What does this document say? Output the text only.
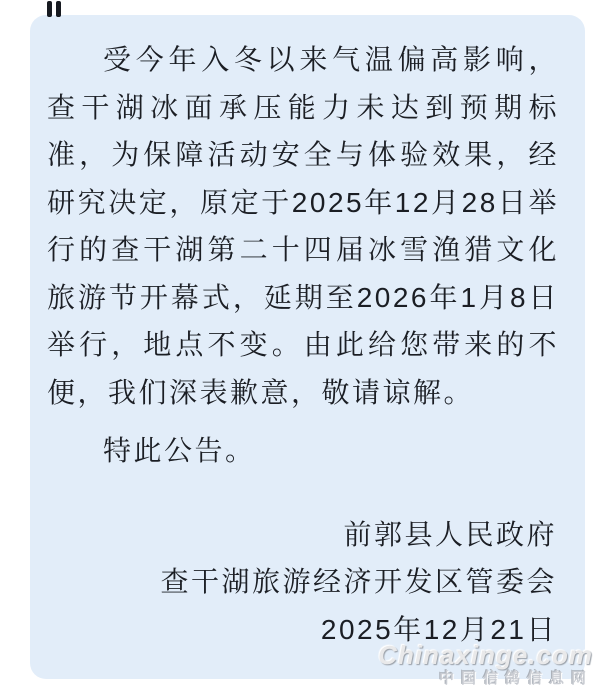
受今年入冬以来气温偏高影响，查干湖冰面承压能力未达到预期标准，为保障活动安全与体验效果，经研究决定，原定于2025年12月28日举行的查干湖第二十四届冰雪渔猎文化旅游节开幕式，延期至2026年1月8日举行，地点不变。由此给您带来的不便，我们深表歉意，敬请谅解。

特此公告。

前郭县人民政府
查干湖旅游经济开发区管委会
2025年12月21日
Chinaxinge.com
中国信鸽信息网
